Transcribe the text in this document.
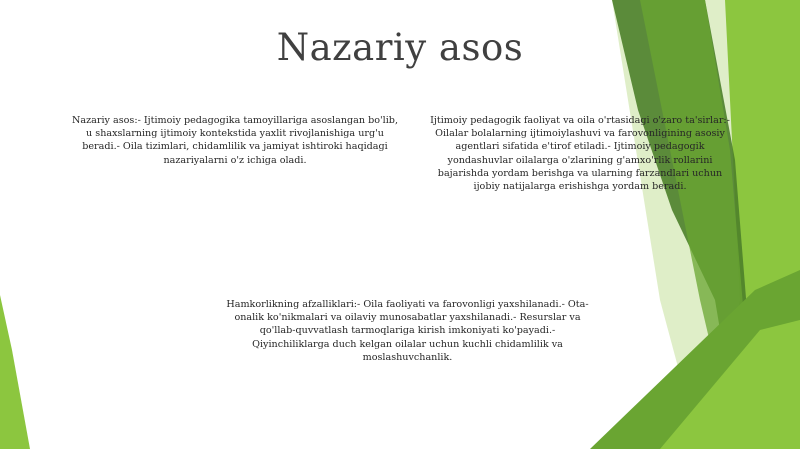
Nazariy asos
Nazariy asos:- Ijtimoiy pedagogika tamoyillariga asoslangan bo'lib, u shaxslarning ijtimoiy kontekstida yaxlit rivojlanishiga urg'u beradi.- Oila tizimlari, chidamlilik va jamiyat ishtiroki haqidagi nazariyalarni o'z ichiga oladi.
Ijtimoiy pedagogik faoliyat va oila o'rtasidagi o'zaro ta'sirlar:- Oilalar bolalarning ijtimoiylashuvi va farovonligining asosiy agentlari sifatida e'tirof etiladi.- Ijtimoiy pedagogik yondashuvlar oilalarga o'zlarining g'amxo'rlik rollarini bajarishda yordam berishga va ularning farzandlari uchun ijobiy natijalarga erishishga yordam beradi.
Hamkorlikning afzalliklari:- Oila faoliyati va farovonligi yaxshilanadi.- Ota-onalik ko'nikmalari va oilaviy munosabatlar yaxshilanadi.- Resurslar va qo'llab-quvvatlash tarmoqlariga kirish imkoniyati ko'payadi.- Qiyinchiliklarga duch kelgan oilalar uchun kuchli chidamlilik va moslashuvchanlik.
